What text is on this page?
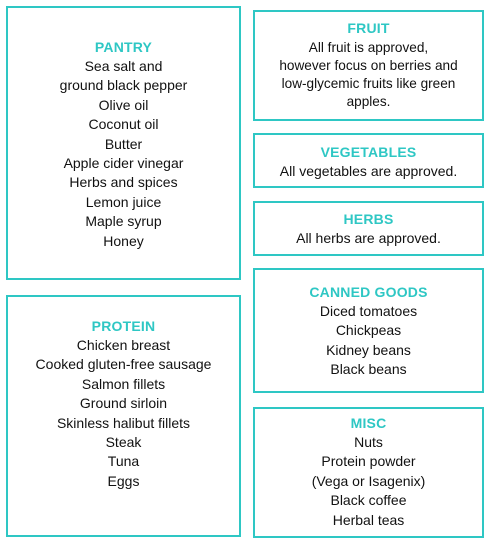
PANTRY
Sea salt and
ground black pepper
Olive oil
Coconut oil
Butter
Apple cider vinegar
Herbs and spices
Lemon juice
Maple syrup
Honey
PROTEIN
Chicken breast
Cooked gluten-free sausage
Salmon fillets
Ground sirloin
Skinless halibut fillets
Steak
Tuna
Eggs
FRUIT
All fruit is approved,
however focus on berries and
low-glycemic fruits like green
apples.
VEGETABLES
All vegetables are approved.
HERBS
All herbs are approved.
CANNED GOODS
Diced tomatoes
Chickpeas
Kidney beans
Black beans
MISC
Nuts
Protein powder
(Vega or Isagenix)
Black coffee
Herbal teas
